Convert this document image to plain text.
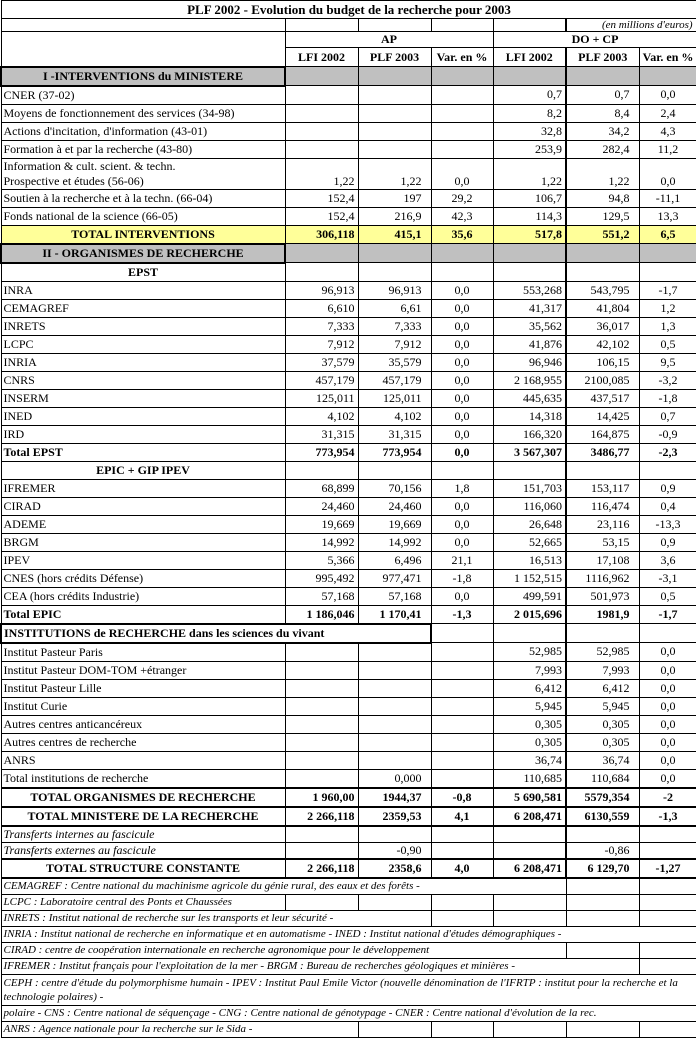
PLF 2002 - Evolution du budget de la recherche pour 2003						
					(en millions d'euros)	
	AP			DO + CP		
	LFI 2002	PLF 2003	Var. en %	LFI 2002	PLF 2003	Var. en %
I -INTERVENTIONS du MINISTERE						
CNER (37-02)				0,7	0,7	0,0
Moyens de fonctionnement des services (34-98)				8,2	8,4	2,4
Actions d'incitation, d'information (43-01)				32,8	34,2	4,3
Formation à et par la recherche (43-80)				253,9	282,4	11,2

Information & cult. scient. & techn.
Prospective et études (56-06)	1,22	1,22	0,0	1,22	1,22	0,0
Soutien à la recherche et à la techn. (66-04)	152,4	197	29,2	106,7	94,8	-11,1
Fonds national de la science (66-05)	152,4	216,9	42,3	114,3	129,5	13,3
TOTAL INTERVENTIONS	306,118	415,1	35,6	517,8	551,2	6,5
II - ORGANISMES DE RECHERCHE						
EPST						
INRA	96,913	96,913	0,0	553,268	543,795	-1,7
CEMAGREF	6,610	6,61	0,0	41,317	41,804	1,2
INRETS	7,333	7,333	0,0	35,562	36,017	1,3
LCPC	7,912	7,912	0,0	41,876	42,102	0,5
INRIA	37,579	35,579	0,0	96,946	106,15	9,5
CNRS	457,179	457,179	0,0	2 168,955	2100,085	-3,2
INSERM	125,011	125,011	0,0	445,635	437,517	-1,8
INED	4,102	4,102	0,0	14,318	14,425	0,7
IRD	31,315	31,315	0,0	166,320	164,875	-0,9
Total EPST	773,954	773,954	0,0	3 567,307	3486,77	-2,3
EPIC + GIP IPEV						
IFREMER	68,899	70,156	1,8	151,703	153,117	0,9
CIRAD	24,460	24,460	0,0	116,060	116,474	0,4
ADEME	19,669	19,669	0,0	26,648	23,116	-13,3
BRGM	14,992	14,992	0,0	52,665	53,15	0,9
IPEV	5,366	6,496	21,1	16,513	17,108	3,6
CNES (hors crédits Défense)	995,492	977,471	-1,8	1 152,515	1116,962	-3,1
CEA (hors crédits Industrie)	57,168	57,168	0,0	499,591	501,973	0,5
Total EPIC	1 186,046	1 170,41	-1,3	2 015,696	1981,9	-1,7
INSTITUTIONS de RECHERCHE dans les sciences du vivant						
Institut Pasteur Paris				52,985	52,985	0,0
Institut Pasteur DOM-TOM +étranger				7,993	7,993	0,0
Institut Pasteur Lille				6,412	6,412	0,0
Institut Curie				5,945	5,945	0,0
Autres centres anticancéreux				0,305	0,305	0,0
Autres centres de recherche				0,305	0,305	0,0
ANRS				36,74	36,74	0,0
Total institutions de recherche		0,000		110,685	110,684	0,0
TOTAL ORGANISMES DE RECHERCHE	1 960,00	1944,37	-0,8	5 690,581	5579,354	-2
TOTAL MINISTERE DE LA RECHERCHE	2 266,118	2359,53	4,1	6 208,471	6130,559	-1,3
Transferts internes au fascicule						
Transferts externes au fascicule		-0,90			-0,86	
TOTAL STRUCTURE CONSTANTE	2 266,118	2358,6	4,0	6 208,471	6 129,70	-1,27
CEMAGREF : Centre national du machinisme agricole du génie rural, des eaux et des forêts -						
LCPC : Laboratoire central des Ponts et Chaussées						
INRETS : Institut national de recherche sur les transports et leur sécurité -						
INRIA : Institut national de recherche en informatique et en automatisme - INED : Institut national d'études démographiques -						
CIRAD : centre de coopération internationale en recherche agronomique pour le développement						
IFREMER : Institut français pour l'exploitation de la mer - BRGM : Bureau de recherches géologiques et minières -						
CEPH : centre d'étude du polymorphisme humain - IPEV : Institut Paul Emile Victor (nouvelle dénomination de l'IFRTP : institut pour la recherche et la technologie polaires) -						
polaire - CNS : Centre national de séquençage - CNG : Centre national de génotypage - CNER : Centre national d'évolution de la rec.						
ANRS : Agence nationale pour la recherche sur le Sida -						
